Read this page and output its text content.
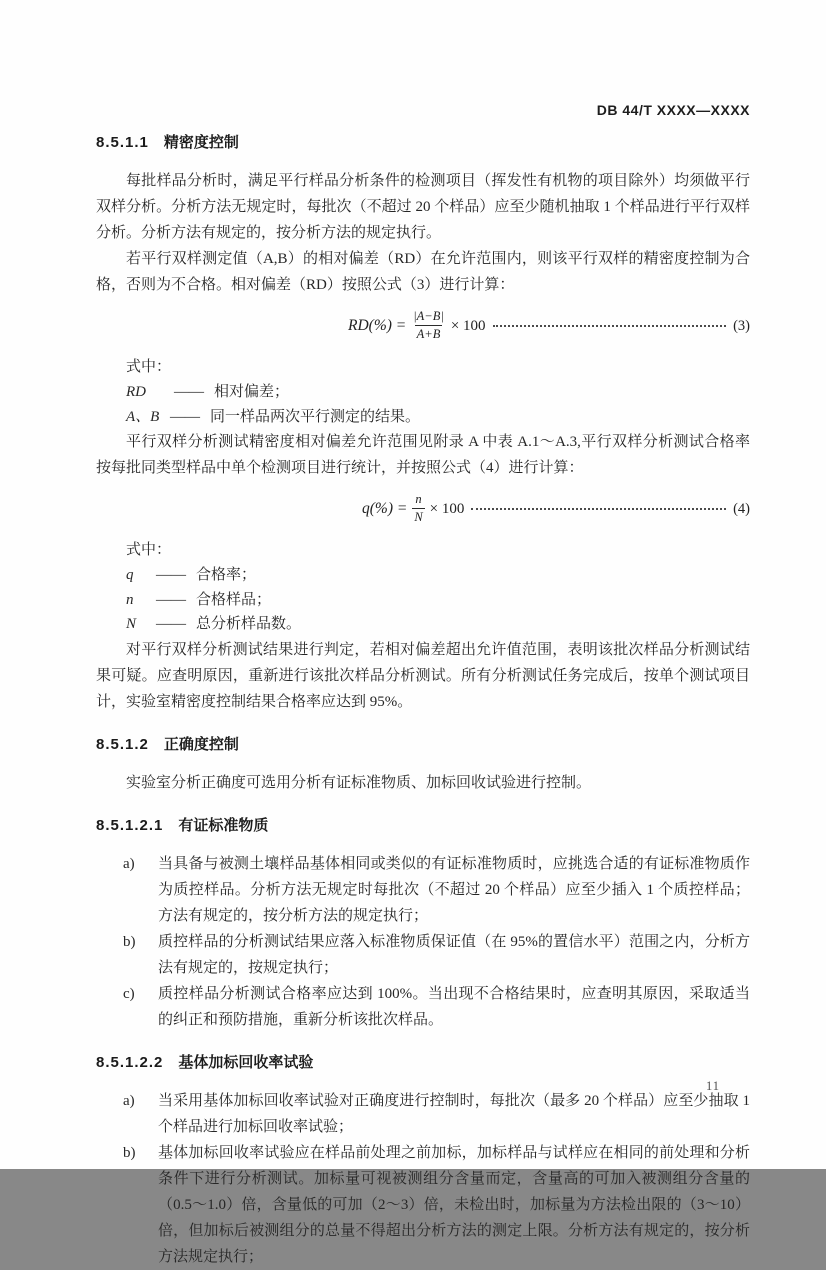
DB 44/T XXXX—XXXX
8.5.1.1 精密度控制

每批样品分析时，满足平行样品分析条件的检测项目（挥发性有机物的项目除外）均须做平行双样分析。分析方法无规定时，每批次（不超过 20 个样品）应至少随机抽取 1 个样品进行平行双样分析。分析方法有规定的，按分析方法的规定执行。

若平行双样测定值（A,B）的相对偏差（RD）在允许范围内，则该平行双样的精密度控制为合格，否则为不合格。相对偏差（RD）按照公式（3）进行计算：

$RD(\%) = \frac{|A-B|}{A+B} \times 100$	(3)

式中：

RD	—— 相对偏差；
A、B —— 同一样品两次平行测定的结果。

平行双样分析测试精密度相对偏差允许范围见附录 A 中表 A.1～A.3,平行双样分析测试合格率按每批同类型样品中单个检测项目进行统计，并按照公式（4）进行计算：

$q(\%) = \frac{n}{N} \times 100$	(4)

式中：

q	—— 合格率；
n	—— 合格样品；
N	—— 总分析样品数。

对平行双样分析测试结果进行判定，若相对偏差超出允许值范围，表明该批次样品分析测试结果可疑。应查明原因，重新进行该批次样品分析测试。所有分析测试任务完成后，按单个测试项目计，实验室精密度控制结果合格率应达到 95%。

8.5.1.2 正确度控制

实验室分析正确度可选用分析有证标准物质、加标回收试验进行控制。

8.5.1.2.1 有证标准物质
a)	当具备与被测土壤样品基体相同或类似的有证标准物质时，应挑选合适的有证标准物质作为质控样品。分析方法无规定时每批次（不超过 20 个样品）应至少插入 1 个质控样品；方法有规定的，按分析方法的规定执行；
b)	质控样品的分析测试结果应落入标准物质保证值（在 95%的置信水平）范围之内，分析方法有规定的，按规定执行；
c)	质控样品分析测试合格率应达到 100%。当出现不合格结果时，应查明其原因，采取适当的纠正和预防措施，重新分析该批次样品。
8.5.1.2.2 基体加标回收率试验
a)	当采用基体加标回收率试验对正确度进行控制时，每批次（最多 20 个样品）应至少抽取 1 个样品进行加标回收率试验；
b)	基体加标回收率试验应在样品前处理之前加标，加标样品与试样应在相同的前处理和分析条件下进行分析测试。加标量可视被测组分含量而定，含量高的可加入被测组分含量的（0.5～1.0）倍，含量低的可加（2～3）倍，未检出时，加标量为方法检出限的（3～10）倍，但加标后被测组分的总量不得超出分析方法的测定上限。分析方法有规定的，按分析方法规定执行；
11
